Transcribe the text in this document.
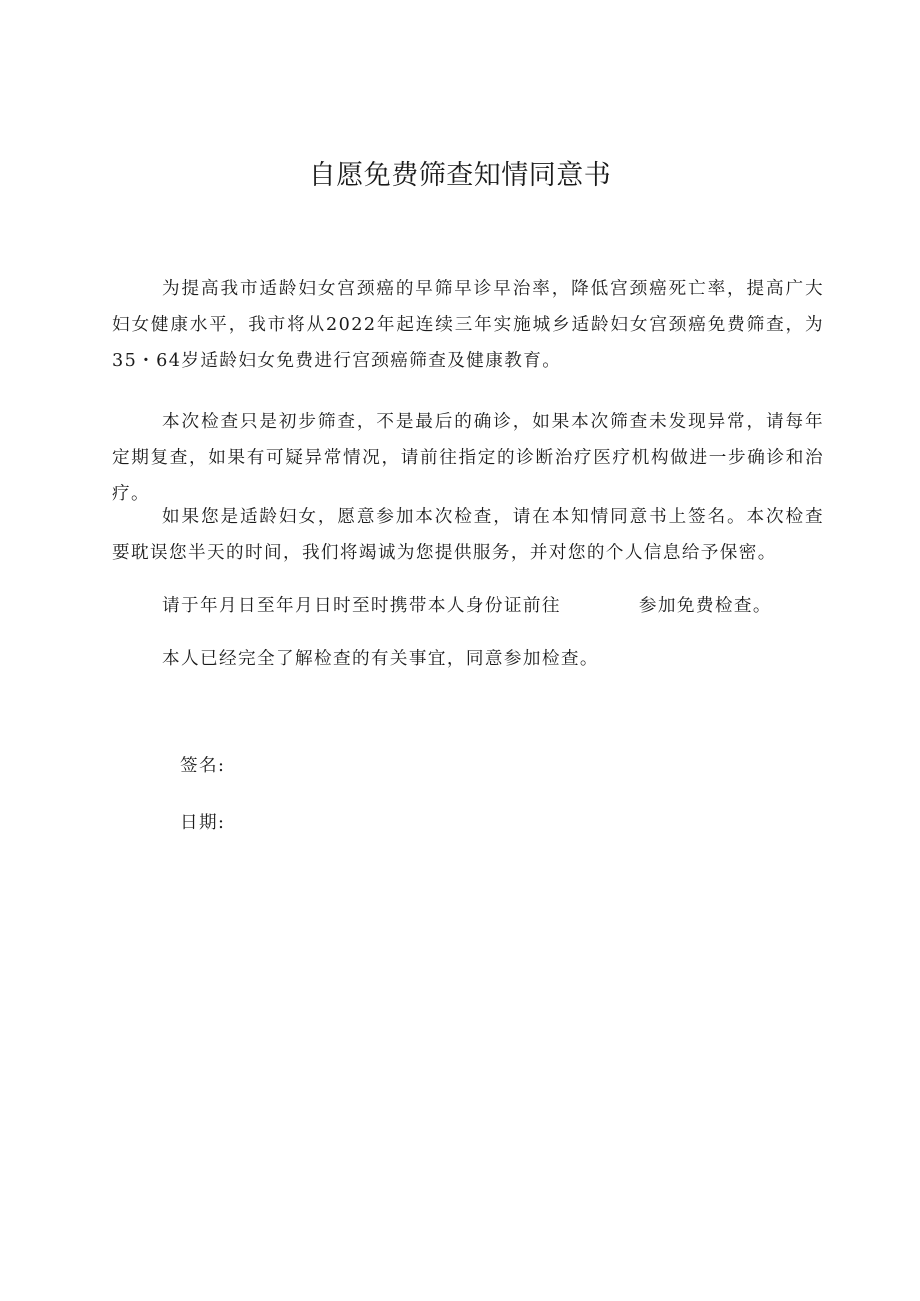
自愿免费筛查知情同意书

为提高我市适龄妇女宫颈癌的早筛早诊早治率，降低宫颈癌死亡率，提高广大妇女健康水平，我市将从2022年起连续三年实施城乡适龄妇女宫颈癌免费筛查，为35・64岁适龄妇女免费进行宫颈癌筛查及健康教育。

本次检查只是初步筛查，不是最后的确诊，如果本次筛查未发现异常，请每年定期复查，如果有可疑异常情况，请前往指定的诊断治疗医疗机构做进一步确诊和治疗。

如果您是适龄妇女，愿意参加本次检查，请在本知情同意书上签名。本次检查要耽误您半天的时间，我们将竭诚为您提供服务，并对您的个人信息给予保密。

请于年月日至年月日时至时携带本人身份证前往	参加免费检查。

本人已经完全了解检查的有关事宜，同意参加检查。

签名:

日期:
